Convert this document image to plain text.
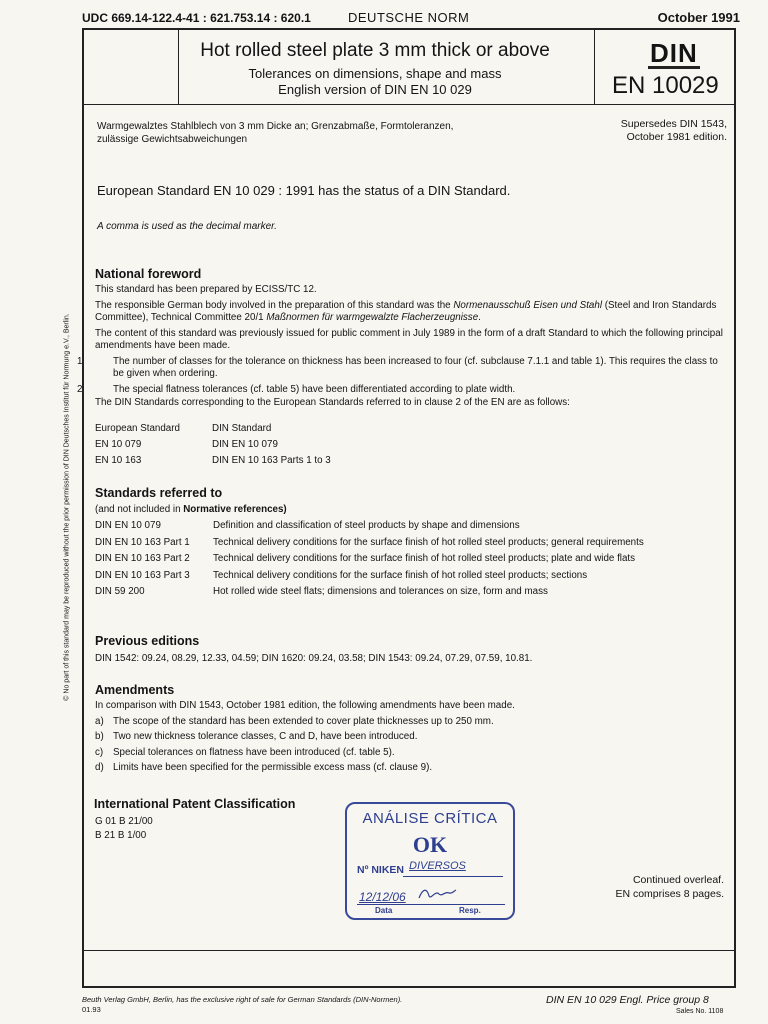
UDC 669.14-122.4-41 : 621.753.14 : 620.1	DEUTSCHE NORM	October 1991
Hot rolled steel plate 3 mm thick or above
Tolerances on dimensions, shape and mass
English version of DIN EN 10 029
DIN
EN 10029
Warmgewalztes Stahlblech von 3 mm Dicke an; Grenzabmaße, Formtoleranzen,
zulässige Gewichtsabweichungen
Supersedes DIN 1543,
October 1981 edition.
European Standard EN 10 029 : 1991 has the status of a DIN Standard.
A comma is used as the decimal marker.
National foreword
This standard has been prepared by ECISS/TC 12.
The responsible German body involved in the preparation of this standard was the Normenausschuß Eisen und Stahl (Steel and Iron Standards Committee), Technical Committee 20/1 Maßnormen für warmgewalzte Flacherzeugnisse.
The content of this standard was previously issued for public comment in July 1989 in the form of a draft Standard to which the following principal amendments have been made.
1	The number of classes for the tolerance on thickness has been increased to four (cf. subclause 7.1.1 and table 1). This requires the class to be given when ordering.
2	The special flatness tolerances (cf. table 5) have been differentiated according to plate width.
The DIN Standards corresponding to the European Standards referred to in clause 2 of the EN are as follows:
European Standard	DIN Standard
EN 10 079	DIN EN 10 079
EN 10 163	DIN EN 10 163 Parts 1 to 3
Standards referred to
(and not included in Normative references)
DIN EN 10 079	Definition and classification of steel products by shape and dimensions
DIN EN 10 163 Part 1	Technical delivery conditions for the surface finish of hot rolled steel products; general requirements
DIN EN 10 163 Part 2	Technical delivery conditions for the surface finish of hot rolled steel products; plate and wide flats
DIN EN 10 163 Part 3	Technical delivery conditions for the surface finish of hot rolled steel products; sections
DIN 59 200	Hot rolled wide steel flats; dimensions and tolerances on size, form and mass
Previous editions
DIN 1542: 09.24, 08.29, 12.33, 04.59; DIN 1620: 09.24, 03.58; DIN 1543: 09.24, 07.29, 07.59, 10.81.
Amendments
In comparison with DIN 1543, October 1981 edition, the following amendments have been made.
a) The scope of the standard has been extended to cover plate thicknesses up to 250 mm.
b) Two new thickness tolerance classes, C and D, have been introduced.
c) Special tolerances on flatness have been introduced (cf. table 5).
d) Limits have been specified for the permissible excess mass (cf. clause 9).
International Patent Classification
G 01 B 21/00
B 21 B 1/00
ANÁLISE CRÍTICA
OK
Nº NIKEN DIVERSOS
12/12/06
Data	Resp.
Continued overleaf.
EN comprises 8 pages.
© No part of this standard may be reproduced without the prior permission of DIN Deutsches Institut für Normung e.V., Berlin.
Beuth Verlag GmbH, Berlin, has the exclusive right of sale for German Standards (DIN-Normen).
01.93
DIN EN 10 029 Engl. Price group 8
Sales No. 1108
